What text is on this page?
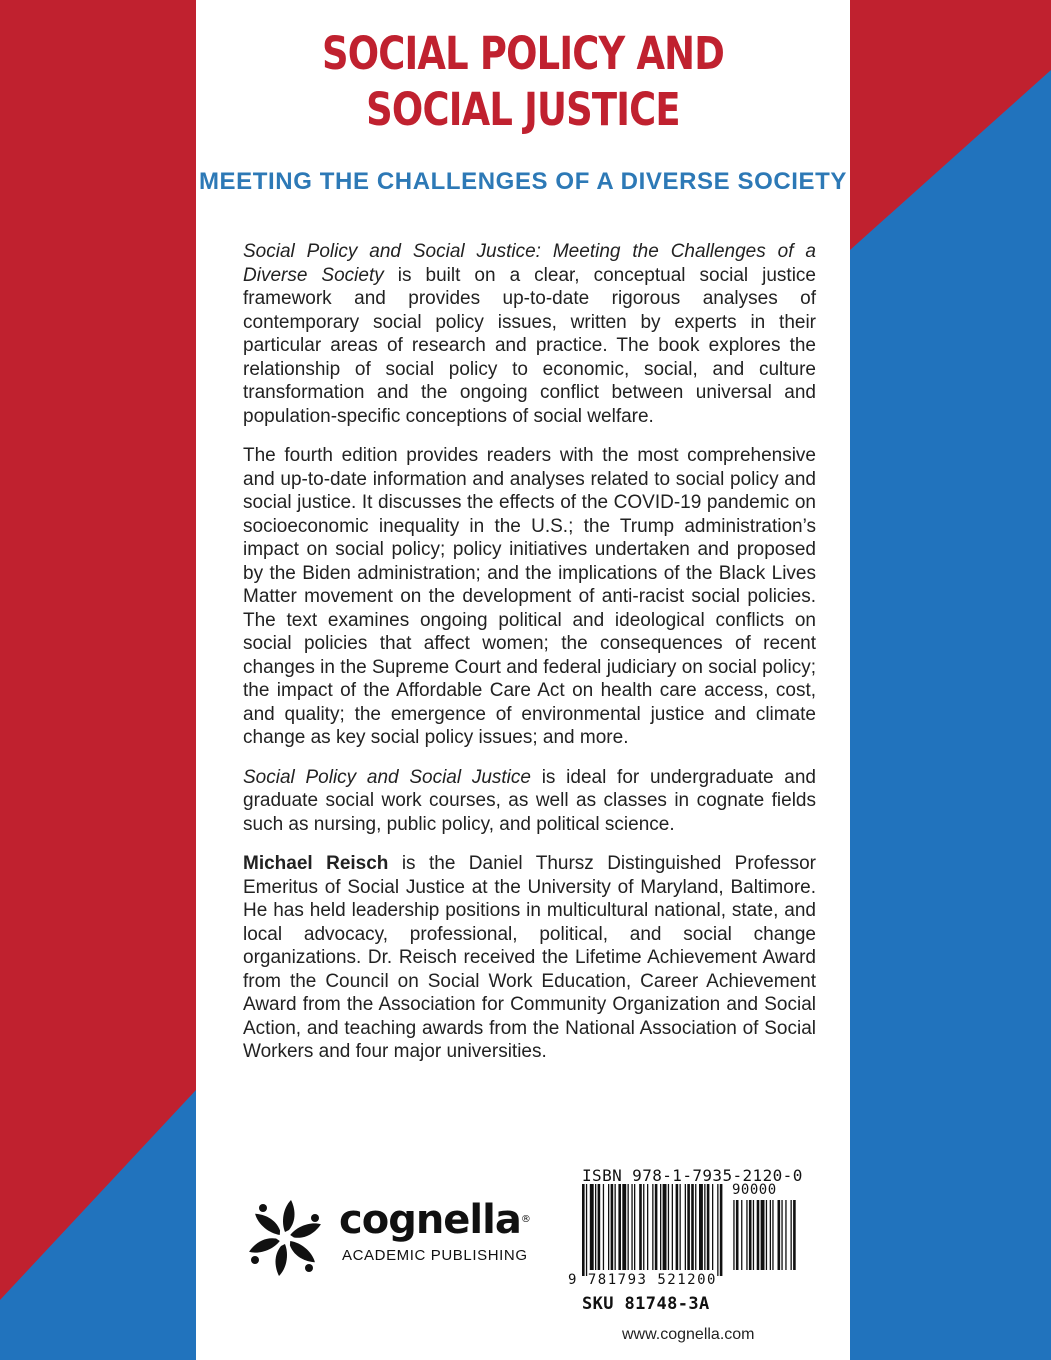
SOCIAL POLICY AND
SOCIAL JUSTICE
MEETING THE CHALLENGES OF A DIVERSE SOCIETY

Social Policy and Social Justice: Meeting the Challenges of a Diverse Society is built on a clear, conceptual social justice framework and provides up-to-date rigorous analyses of contemporary social policy issues, written by experts in their particular areas of research and practice. The book explores the relationship of social policy to economic, social, and culture transformation and the ongoing conflict between universal and population-specific conceptions of social welfare.

The fourth edition provides readers with the most comprehensive and up-to-date information and analyses related to social policy and social justice. It discusses the effects of the COVID-19 pandemic on socioeconomic inequality in the U.S.; the Trump administration’s impact on social policy; policy initiatives undertaken and proposed by the Biden administration; and the implications of the Black Lives Matter movement on the development of anti-racist social policies. The text examines ongoing political and ideological conflicts on social policies that affect women; the consequences of recent changes in the Supreme Court and federal judiciary on social policy; the impact of the Affordable Care Act on health care access, cost, and quality; the emergence of environmental justice and climate change as key social policy issues; and more.

Social Policy and Social Justice is ideal for undergraduate and graduate social work courses, as well as classes in cognate fields such as nursing, public policy, and political science.

Michael Reisch is the Daniel Thursz Distinguished Professor Emeritus of Social Justice at the University of Maryland, Baltimore. He has held leadership positions in multicultural national, state, and local advocacy, professional, political, and social change organizations. Dr. Reisch received the Lifetime Achievement Award from the Council on Social Work Education, Career Achievement Award from the Association for Community Organization and Social Action, and teaching awards from the National Association of Social Workers and four major universities.

cognella®
ACADEMIC PUBLISHING
ISBN 978-1-7935-2120-0
90000
9 781793 521200
SKU 81748-3A
www.cognella.com
